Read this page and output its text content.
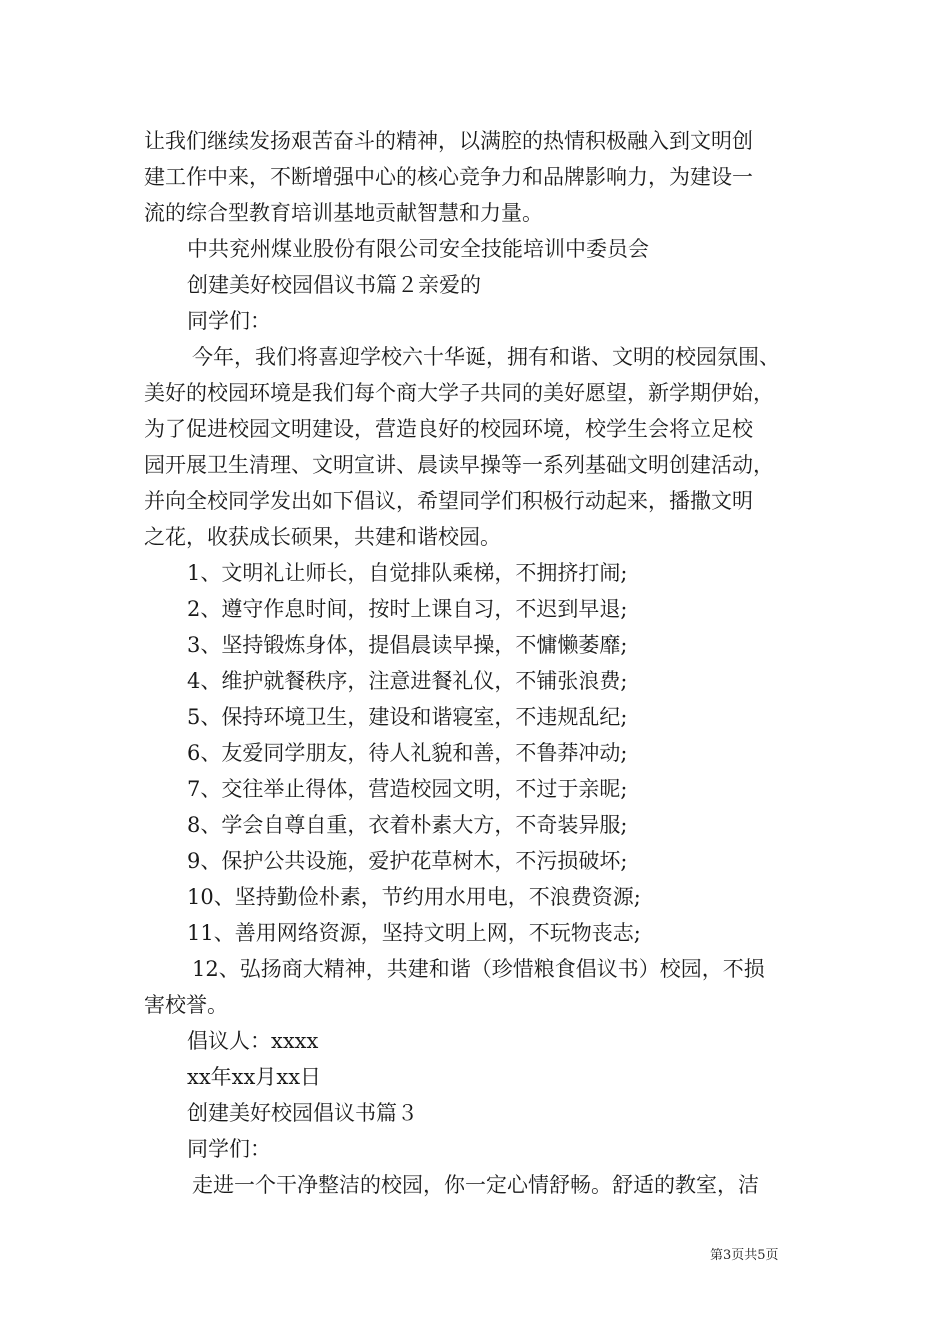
让我们继续发扬艰苦奋斗的精神，以满腔的热情积极融入到文明创
建工作中来，不断增强中心的核心竞争力和品牌影响力，为建设一
流的综合型教育培训基地贡献智慧和力量。
中共兖州煤业股份有限公司安全技能培训中委员会
创建美好校园倡议书篇２亲爱的
同学们：
今年，我们将喜迎学校六十华诞，拥有和谐、文明的校园氛围、
美好的校园环境是我们每个商大学子共同的美好愿望，新学期伊始，
为了促进校园文明建设，营造良好的校园环境，校学生会将立足校
园开展卫生清理、文明宣讲、晨读早操等一系列基础文明创建活动，
并向全校同学发出如下倡议，希望同学们积极行动起来，播撒文明
之花，收获成长硕果，共建和谐校园。
1、文明礼让师长，自觉排队乘梯，不拥挤打闹;
2、遵守作息时间，按时上课自习，不迟到早退;
3、坚持锻炼身体，提倡晨读早操，不慵懒萎靡;
4、维护就餐秩序，注意进餐礼仪，不铺张浪费;
5、保持环境卫生，建设和谐寝室，不违规乱纪;
6、友爱同学朋友，待人礼貌和善，不鲁莽冲动;
7、交往举止得体，营造校园文明，不过于亲昵;
8、学会自尊自重，衣着朴素大方，不奇装异服;
9、保护公共设施，爱护花草树木，不污损破坏;
10、坚持勤俭朴素，节约用水用电，不浪费资源;
11、善用网络资源，坚持文明上网，不玩物丧志;
12、弘扬商大精神，共建和谐（珍惜粮食倡议书）校园，不损
害校誉。
倡议人：xxxx
xx年xx月xx日
创建美好校园倡议书篇３
同学们：
走进一个干净整洁的校园，你一定心情舒畅。舒适的教室，洁
第3页共5页
